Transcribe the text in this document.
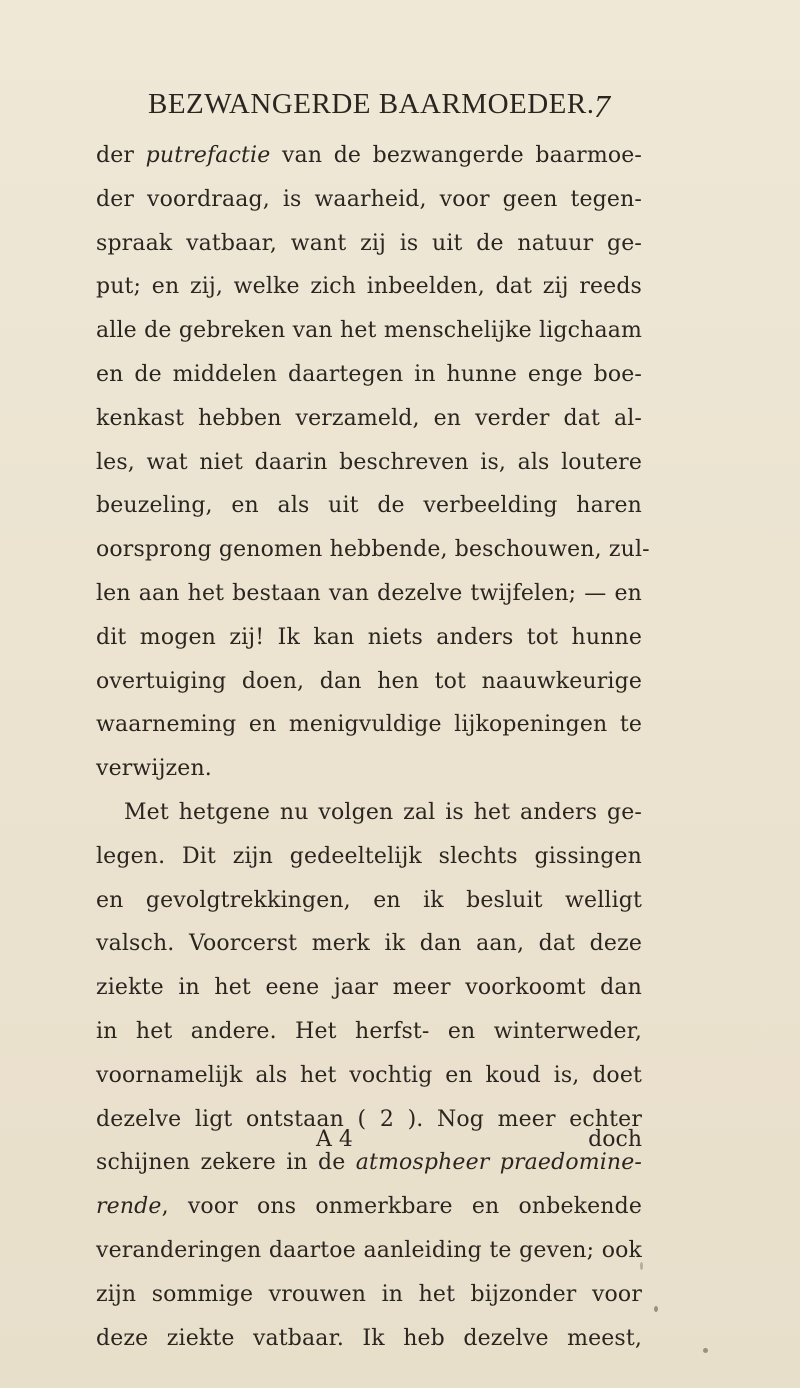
BEZWANGERDE BAARMOEDER. 7
der putrefactie van de bezwangerde baarmoe-
der voordraag, is waarheid, voor geen tegen-
spraak vatbaar, want zij is uit de natuur ge-
put; en zij, welke zich inbeelden, dat zij reeds
alle de gebreken van het menschelijke ligchaam
en de middelen daartegen in hunne enge boe-
kenkast hebben verzameld, en verder dat al-
les, wat niet daarin beschreven is, als loutere
beuzeling, en als uit de verbeelding haren
oorsprong genomen hebbende, beschouwen, zul-
len aan het bestaan van dezelve twijfelen; — en
dit mogen zij! Ik kan niets anders tot hunne
overtuiging doen, dan hen tot naauwkeurige
waarneming en menigvuldige lijkopeningen te
verwijzen.
Met hetgene nu volgen zal is het anders ge-
legen. Dit zijn gedeeltelijk slechts gissingen
en gevolgtrekkingen, en ik besluit welligt
valsch. Voorcerst merk ik dan aan, dat deze
ziekte in het eene jaar meer voorkoomt dan
in het andere. Het herfst- en winterweder,
voornamelijk als het vochtig en koud is, doet
dezelve ligt ontstaan ( 2 ). Nog meer echter
schijnen zekere in de atmospheer praedomine-
rende, voor ons onmerkbare en onbekende
veranderingen daartoe aanleiding te geven; ook
zijn sommige vrouwen in het bijzonder voor
deze ziekte vatbaar. Ik heb dezelve meest,
A 4	doch
